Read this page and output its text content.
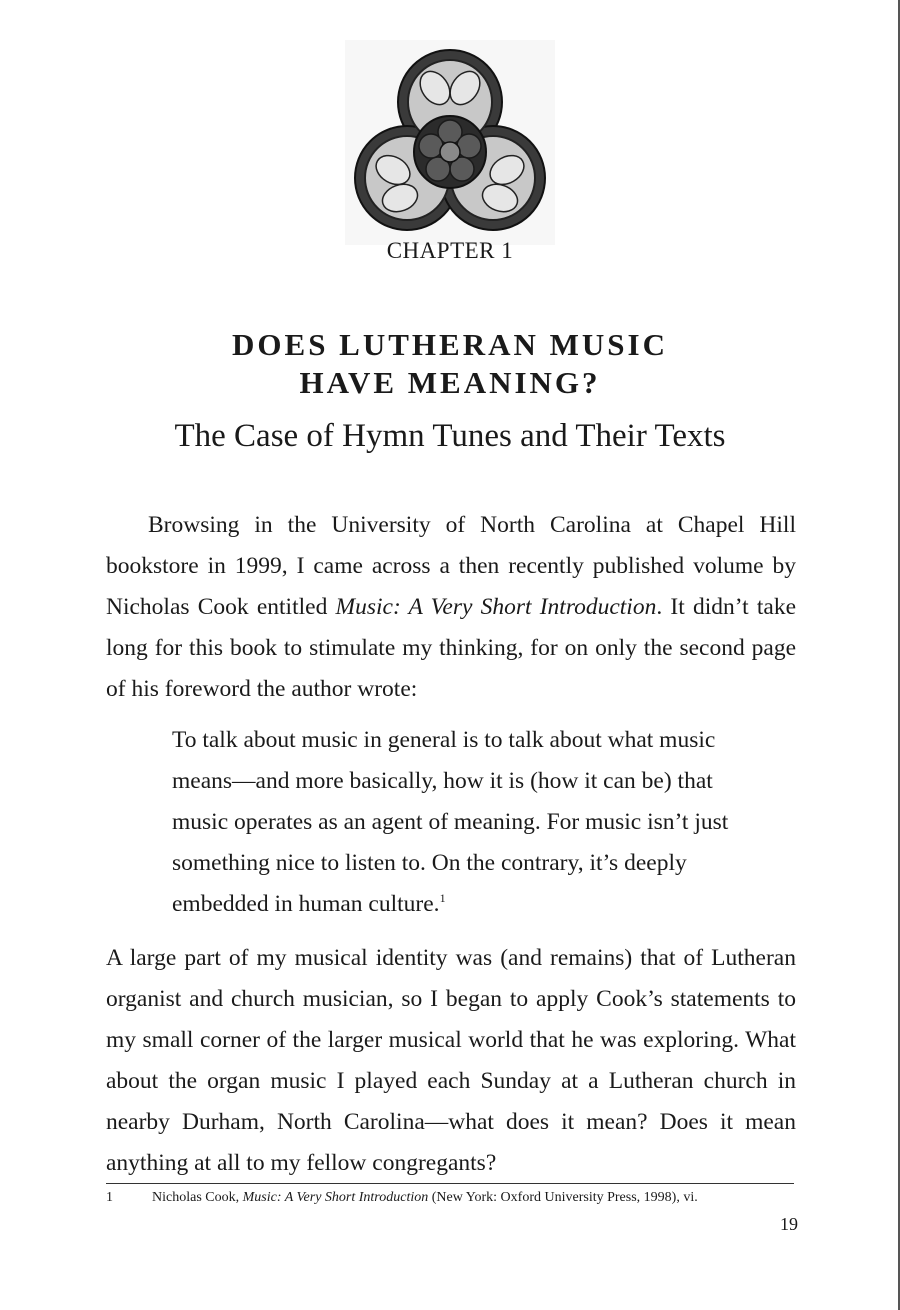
CHAPTER 1
DOES LUTHERAN MUSIC
HAVE MEANING?
The Case of Hymn Tunes and Their Texts

Browsing in the University of North Carolina at Chapel Hill bookstore in 1999, I came across a then recently published volume by Nicholas Cook entitled Music: A Very Short Introduction. It didn’t take long for this book to stimulate my thinking, for on only the second page of his foreword the author wrote:

To talk about music in general is to talk about what music means—and more basically, how it is (how it can be) that music operates as an agent of meaning. For music isn’t just something nice to listen to. On the contrary, it’s deeply embedded in human culture.$^1$

A large part of my musical identity was (and remains) that of Lutheran organist and church musician, so I began to apply Cook’s statements to my small corner of the larger musical world that he was exploring. What about the organ music I played each Sunday at a Lutheran church in nearby Durham, North Carolina—what does it mean? Does it mean anything at all to my fellow congregants?

1	Nicholas Cook, Music: A Very Short Introduction (New York: Oxford University Press, 1998), vi.
19
